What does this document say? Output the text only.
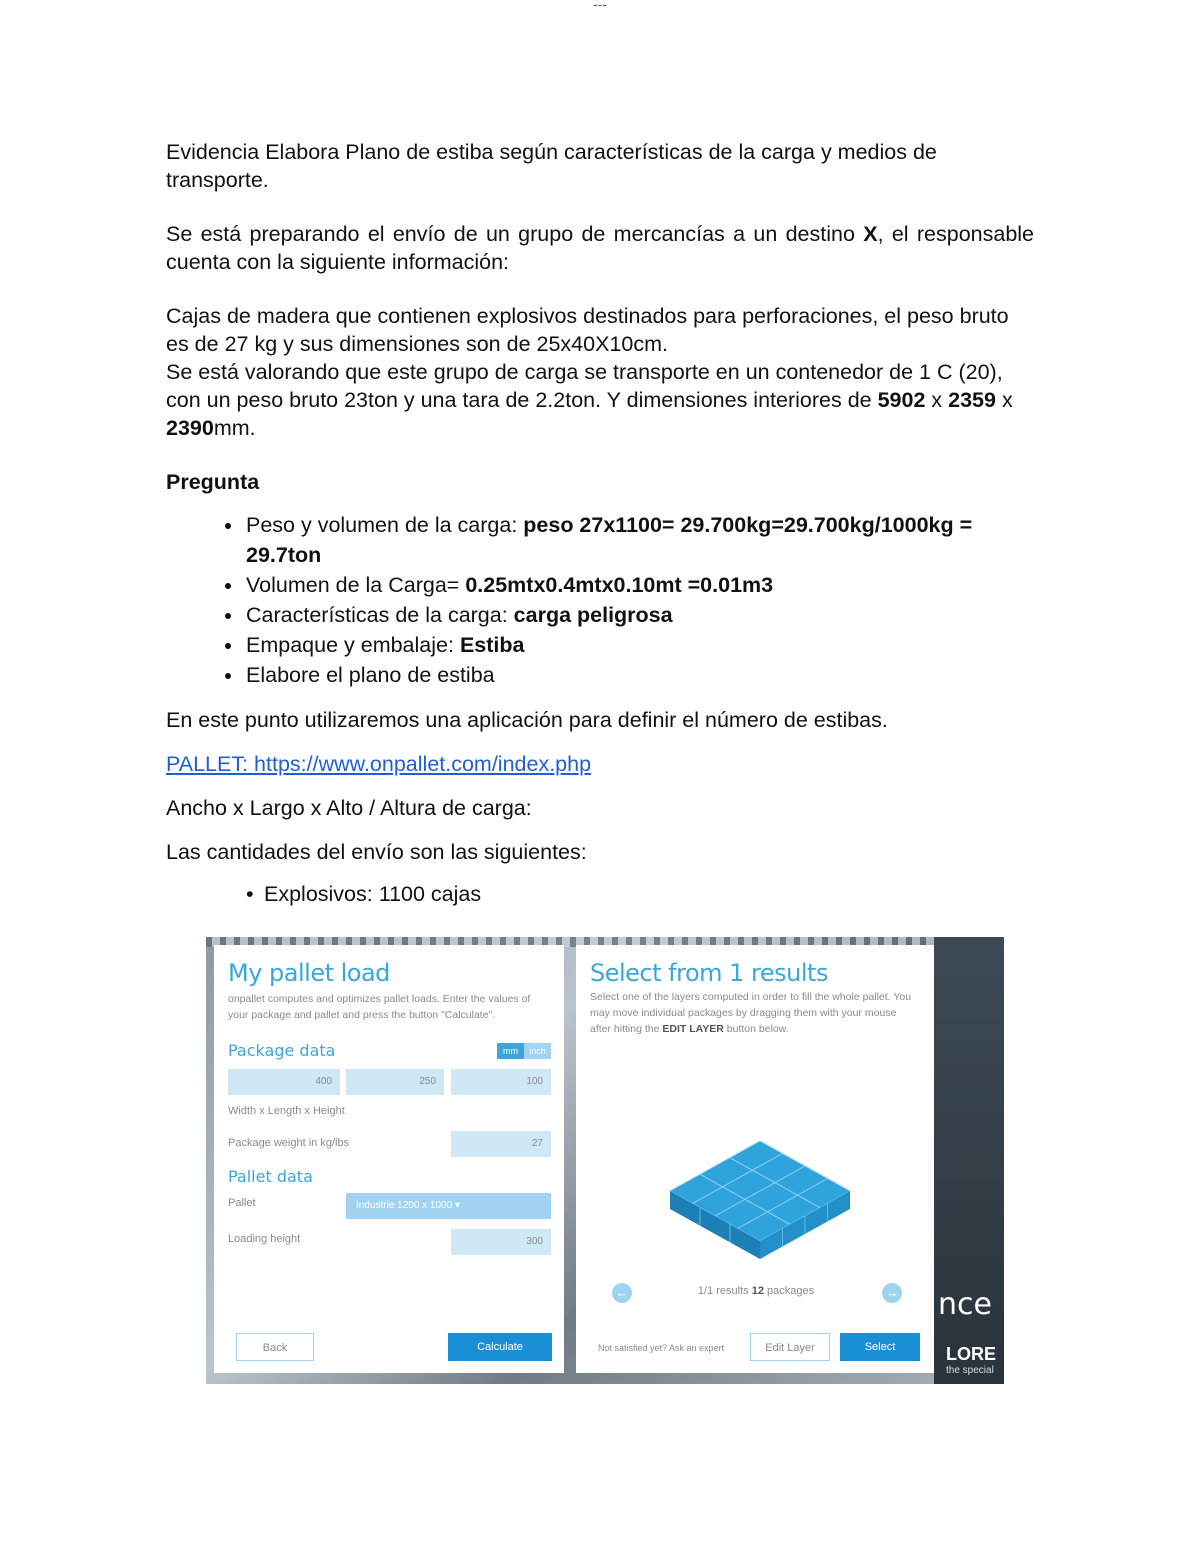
---

Evidencia Elabora Plano de estiba según características de la carga y medios de transporte.

Se está preparando el envío de un grupo de mercancías a un destino X, el responsable cuenta con la siguiente información:

Cajas de madera que contienen explosivos destinados para perforaciones, el peso bruto es de 27 kg y sus dimensiones son de 25x40X10cm.

Se está valorando que este grupo de carga se transporte en un contenedor de 1 C (20), con un peso bruto 23ton y una tara de 2.2ton. Y dimensiones interiores de 5902 x 2359 x 2390mm.

Pregunta

• Peso y volumen de la carga: peso 27x1100= 29.700kg=29.700kg/1000kg = 29.7ton
• Volumen de la Carga= 0.25mtx0.4mtx0.10mt =0.01m3
• Características de la carga: carga peligrosa
• Empaque y embalaje: Estiba
• Elabore el plano de estiba

En este punto utilizaremos una aplicación para definir el número de estibas.

PALLET: https://www.onpallet.com/index.php

Ancho x Largo x Alto / Altura de carga:

Las cantidades del envío son las siguientes:

• Explosivos: 1100 cajas
My pallet load
onpallet computes and optimizes pallet loads. Enter the values of your package and pallet and press the button "Calculate".
Package data	mm	inch
400	250	100
Width x Length x Height
Package weight in kg/lbs	27
Pallet data
Pallet	Industrie 1200 x 1000 ▾
Loading height	300
Back	Calculate
Select from 1 results
Select one of the layers computed in order to fill the whole pallet. You may move individual packages by dragging them with your mouse after hitting the EDIT LAYER button below.
←	1/1 results 12 packages	→
Not satisfied yet? Ask an expert	Edit Layer	Select
nce
LORE
the special
